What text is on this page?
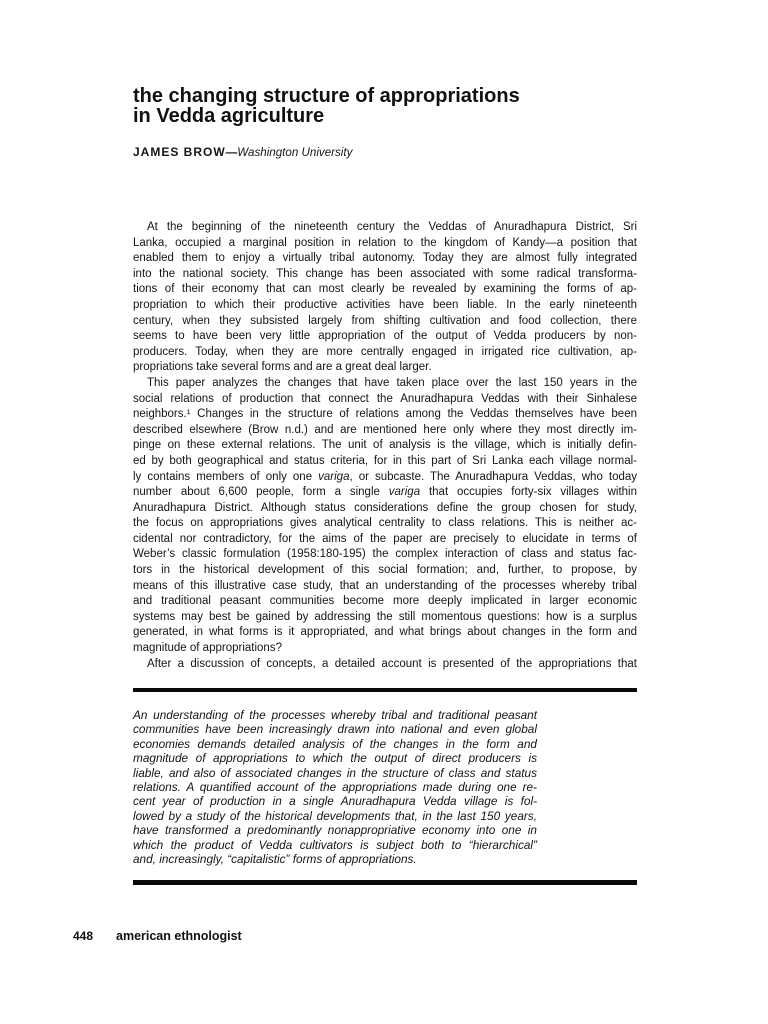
the changing structure of appropriations
in Vedda agriculture
JAMES BROW—Washington University
At the beginning of the nineteenth century the Veddas of Anuradhapura District, Sri
Lanka, occupied a marginal position in relation to the kingdom of Kandy—a position that
enabled them to enjoy a virtually tribal autonomy. Today they are almost fully integrated
into the national society. This change has been associated with some radical transforma-
tions of their economy that can most clearly be revealed by examining the forms of ap-
propriation to which their productive activities have been liable. In the early nineteenth
century, when they subsisted largely from shifting cultivation and food collection, there
seems to have been very little appropriation of the output of Vedda producers by non-
producers. Today, when they are more centrally engaged in irrigated rice cultivation, ap-
propriations take several forms and are a great deal larger.
This paper analyzes the changes that have taken place over the last 150 years in the
social relations of production that connect the Anuradhapura Veddas with their Sinhalese
neighbors.¹ Changes in the structure of relations among the Veddas themselves have been
described elsewhere (Brow n.d.) and are mentioned here only where they most directly im-
pinge on these external relations. The unit of analysis is the village, which is initially defin-
ed by both geographical and status criteria, for in this part of Sri Lanka each village normal-
ly contains members of only one variga, or subcaste. The Anuradhapura Veddas, who today
number about 6,600 people, form a single variga that occupies forty-six villages within
Anuradhapura District. Although status considerations define the group chosen for study,
the focus on appropriations gives analytical centrality to class relations. This is neither ac-
cidental nor contradictory, for the aims of the paper are precisely to elucidate in terms of
Weber’s classic formulation (1958:180-195) the complex interaction of class and status fac-
tors in the historical development of this social formation; and, further, to propose, by
means of this illustrative case study, that an understanding of the processes whereby tribal
and traditional peasant communities become more deeply implicated in larger economic
systems may best be gained by addressing the still momentous questions: how is a surplus
generated, in what forms is it appropriated, and what brings about changes in the form and
magnitude of appropriations?
After a discussion of concepts, a detailed account is presented of the appropriations that
An understanding of the processes whereby tribal and traditional peasant
communities have been increasingly drawn into national and even global
economies demands detailed analysis of the changes in the form and
magnitude of appropriations to which the output of direct producers is
liable, and also of associated changes in the structure of class and status
relations. A quantified account of the appropriations made during one re-
cent year of production in a single Anuradhapura Vedda village is fol-
lowed by a study of the historical developments that, in the last 150 years,
have transformed a predominantly nonappropriative economy into one in
which the product of Vedda cultivators is subject both to “hierarchical”
and, increasingly, “capitalistic” forms of appropriations.
448 american ethnologist
